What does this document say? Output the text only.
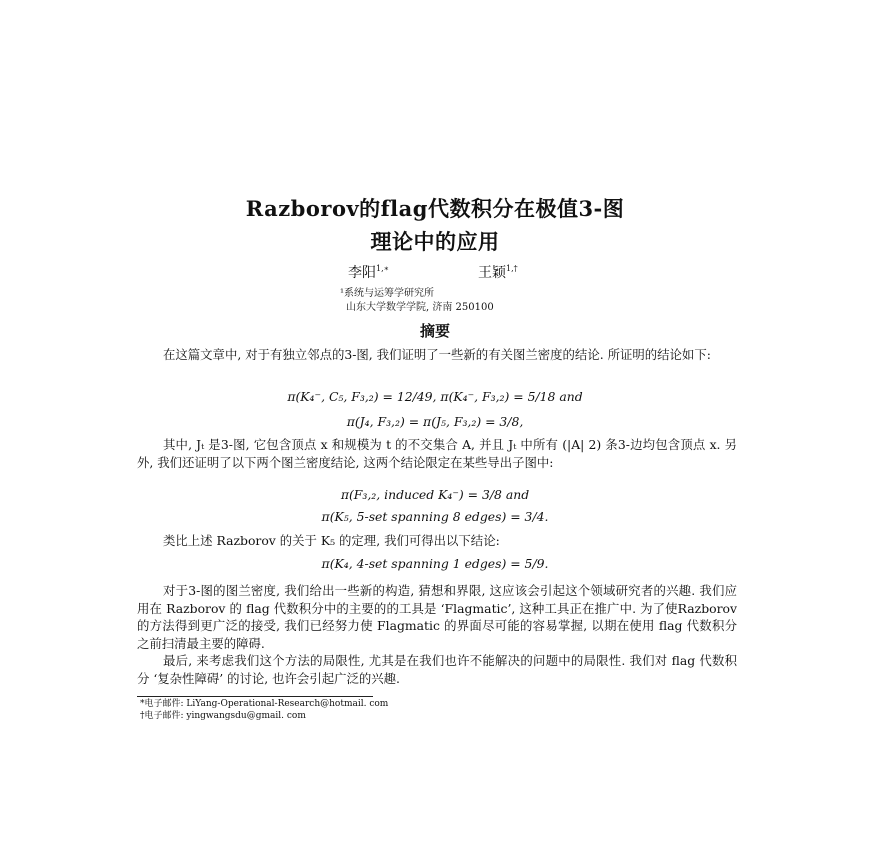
Razborov的flag代数积分在极值3-图
理论中的应用
李阳$^{1,∗}$	王颖$^{1,\dagger}$
¹系统与运筹学研究所
山东大学数学学院, 济南 250100
摘要
在这篇文章中, 对于有独立邻点的3-图, 我们证明了一些新的有关图兰密度的结论. 所证明的结论如下:
π(K₄⁻, C₅, F₃,₂) = 12/49, π(K₄⁻, F₃,₂) = 5/18 and
π(J₄, F₃,₂) = π(J₅, F₃,₂) = 3/8,
其中, Jₜ 是3-图, 它包含顶点 x 和规模为 t 的不交集合 A, 并且 Jₜ 中所有 (|A| 2) 条3-边均包含顶点 x. 另外, 我们还证明了以下两个图兰密度结论, 这两个结论限定在某些导出子图中:
π(F₃,₂, induced K₄⁻) = 3/8 and
π(K₅, 5-set spanning 8 edges) = 3/4.
类比上述 Razborov 的关于 K₅ 的定理, 我们可得出以下结论:
π(K₄, 4-set spanning 1 edges) = 5/9.
对于3-图的图兰密度, 我们给出一些新的构造, 猜想和界限, 这应该会引起这个领域研究者的兴趣. 我们应用在 Razborov 的 flag 代数积分中的主要的的工具是 ‘Flagmatic’, 这种工具正在推广中. 为了使Razborov的方法得到更广泛的接受, 我们已经努力使 Flagmatic 的界面尽可能的容易掌握, 以期在使用 flag 代数积分之前扫清最主要的障碍.
最后, 来考虑我们这个方法的局限性, 尤其是在我们也许不能解决的问题中的局限性. 我们对 flag 代数积分 ‘复杂性障碍’ 的讨论, 也许会引起广泛的兴趣.
*电子邮件: LiYang-Operational-Research@hotmail. com
†电子邮件: yingwangsdu@gmail. com
